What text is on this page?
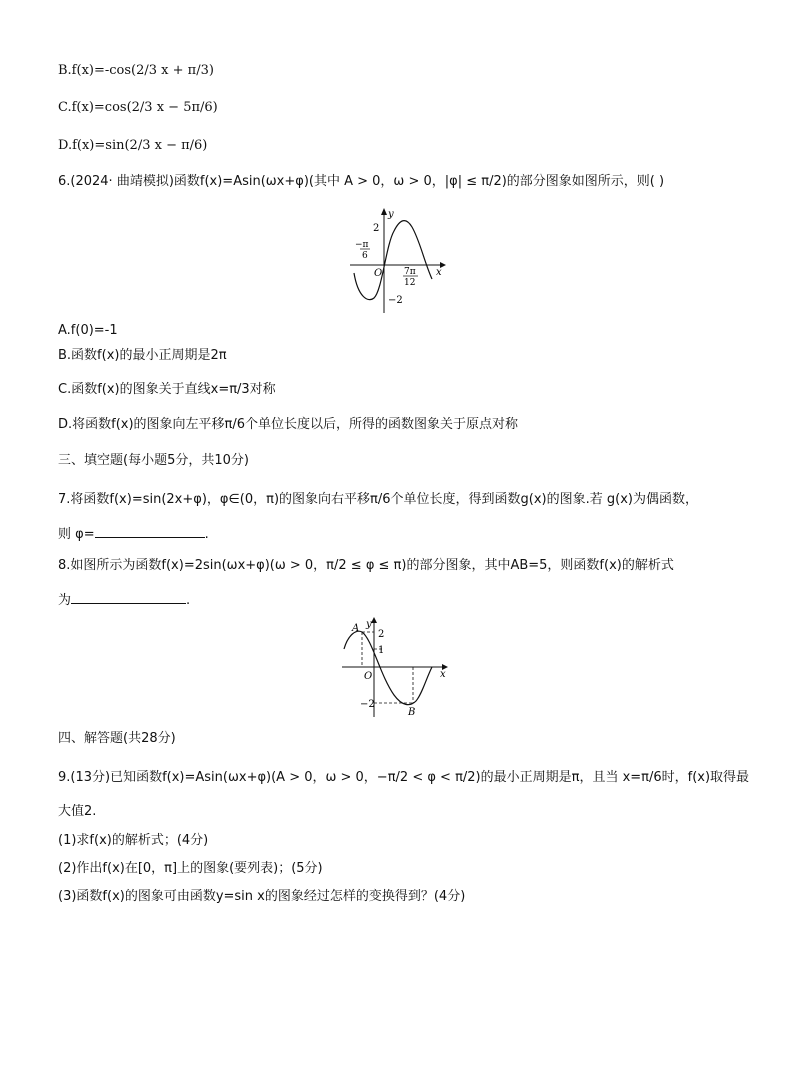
B.f(x)=-cos(2/3 x + π/3)
C.f(x)=cos(2/3 x − 5π/6)
D.f(x)=sin(2/3 x − π/6)
6.(2024· 曲靖模拟)函数f(x)=Asin(ωx+φ)(其中 A > 0，ω > 0，|φ| ≤ π/2)的部分图象如图所示，则( )
y
2
−π
6
O 7π
12
x
−2
A.f(0)=-1
B.函数f(x)的最小正周期是2π
C.函数f(x)的图象关于直线x=π/3对称
D.将函数f(x)的图象向左平移π/6个单位长度以后，所得的函数图象关于原点对称
三、填空题(每小题5分，共10分)
7.将函数f(x)=sin(2x+φ)，φ∈(0，π)的图象向右平移π/6个单位长度，得到函数g(x)的图象.若 g(x)为偶函数，
则 φ=	.
8.如图所示为函数f(x)=2sin(ωx+φ)(ω > 0，π/2 ≤ φ ≤ π)的部分图象，其中AB=5，则函数f(x)的解析式
为	.
A y
2
1
O	x
−2
B
四、解答题(共28分)
9.(13分)已知函数f(x)=Asin(ωx+φ)(A > 0，ω > 0，−π/2 < φ < π/2)的最小正周期是π，且当 x=π/6时，f(x)取得最
大值2.
(1)求f(x)的解析式；(4分)
(2)作出f(x)在[0，π]上的图象(要列表)；(5分)
(3)函数f(x)的图象可由函数y=sin x的图象经过怎样的变换得到？(4分)
